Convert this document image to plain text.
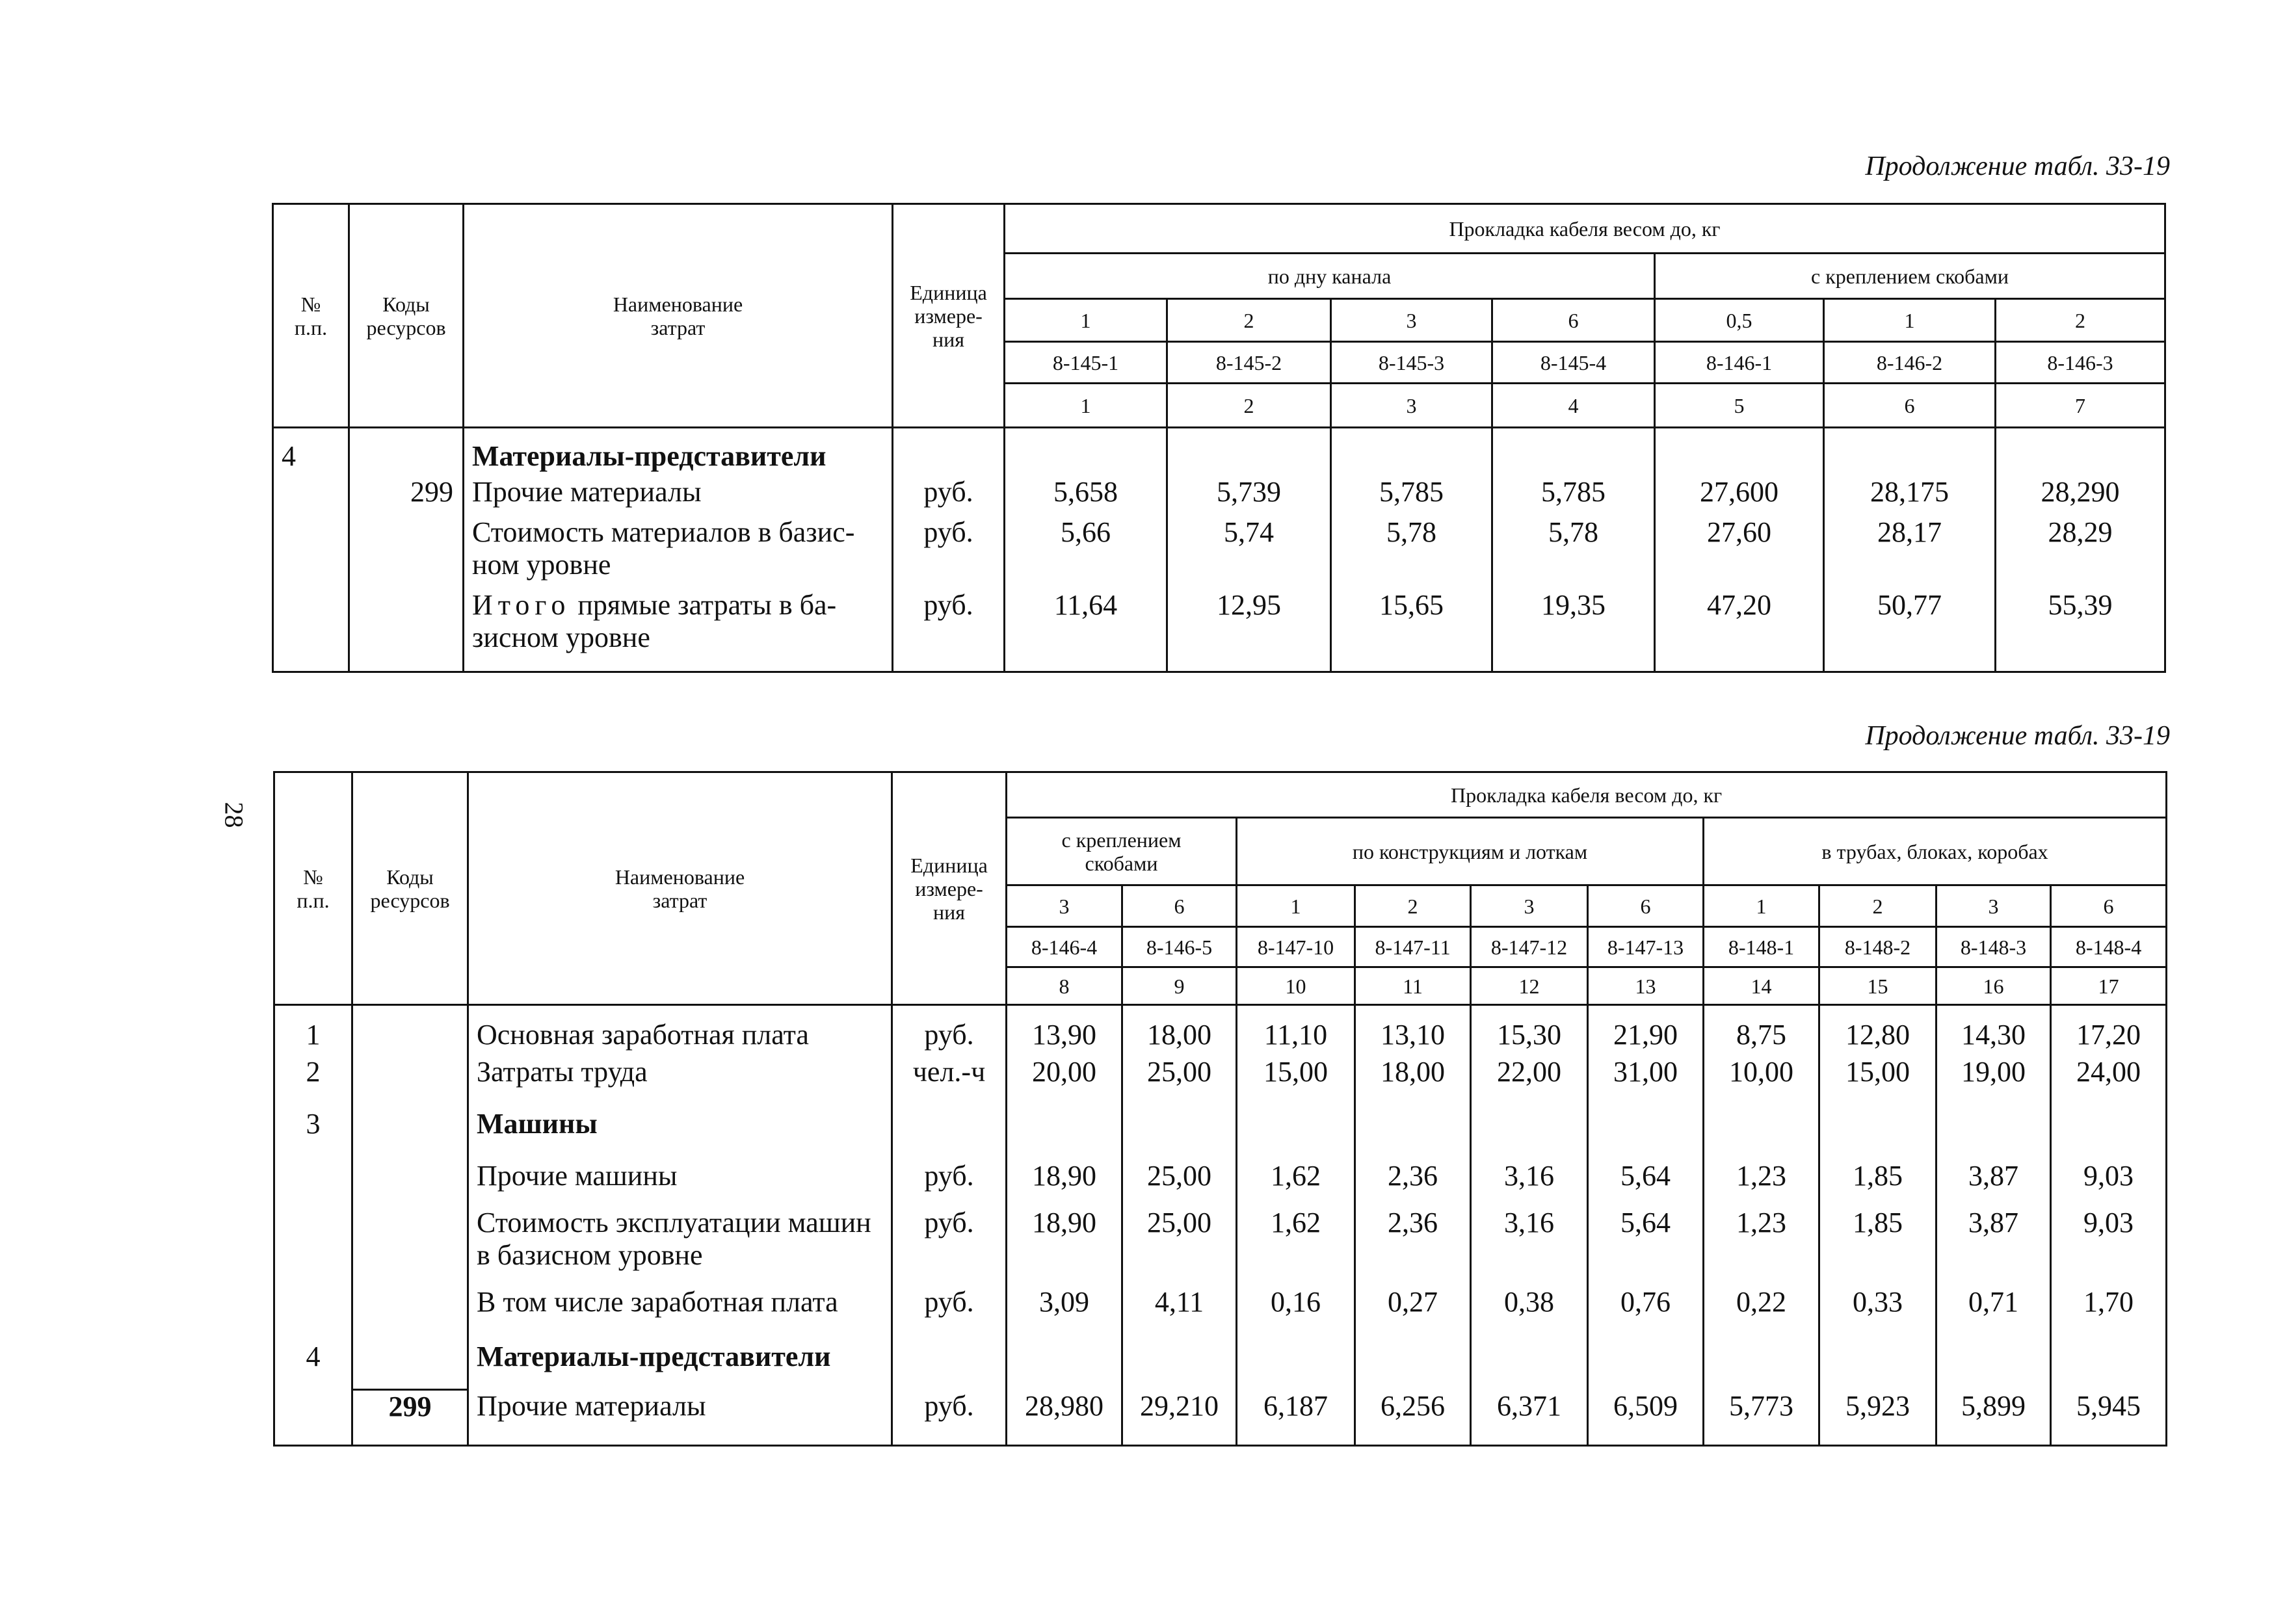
Продолжение табл. 33-19
28
№
п.п.	Коды
ресурсов	Наименование
затрат	Единица
измере-
ния	Прокладка кабеля весом до, кг						
				по дну канала				с креплением скобами		
				1	2	3	6	0,5	1	2
				8-145-1	8-145-2	8-145-3	8-145-4	8-146-1	8-146-2	8-146-3
				1	2	3	4	5	6	7
4		Материалы-представители								
	299	Прочие материалы	руб.	5,658	5,739	5,785	5,785	27,600	28,175	28,290
		Стоимость материалов в базис-
ном уровне	руб.	5,66	5,74	5,78	5,78	27,60	28,17	28,29
		Итого прямые затраты в ба-
зисном уровне	руб.	11,64	12,95	15,65	19,35	47,20	50,77	55,39
Продолжение табл. 33-19
№
п.п.	Коды
ресурсов	Наименование
затрат	Единица
измере-
ния	Прокладка кабеля весом до, кг									
				с креплением
скобами		по конструкциям и лоткам				в трубах, блоках, коробах			
				3	6	1	2	3	6	1	2	3	6
				8-146-4	8-146-5	8-147-10	8-147-11	8-147-12	8-147-13	8-148-1	8-148-2	8-148-3	8-148-4
				8	9	10	11	12	13	14	15	16	17
1		Основная заработная плата	руб.	13,90	18,00	11,10	13,10	15,30	21,90	8,75	12,80	14,30	17,20
2		Затраты труда	чел.-ч	20,00	25,00	15,00	18,00	22,00	31,00	10,00	15,00	19,00	24,00
3		Машины											
		Прочие машины	руб.	18,90	25,00	1,62	2,36	3,16	5,64	1,23	1,85	3,87	9,03
		Стоимость эксплуатации машин
в базисном уровне	руб.	18,90	25,00	1,62	2,36	3,16	5,64	1,23	1,85	3,87	9,03
		В том числе заработная плата	руб.	3,09	4,11	0,16	0,27	0,38	0,76	0,22	0,33	0,71	1,70
4		Материалы-представители											
	299	Прочие материалы	руб.	28,980	29,210	6,187	6,256	6,371	6,509	5,773	5,923	5,899	5,945
